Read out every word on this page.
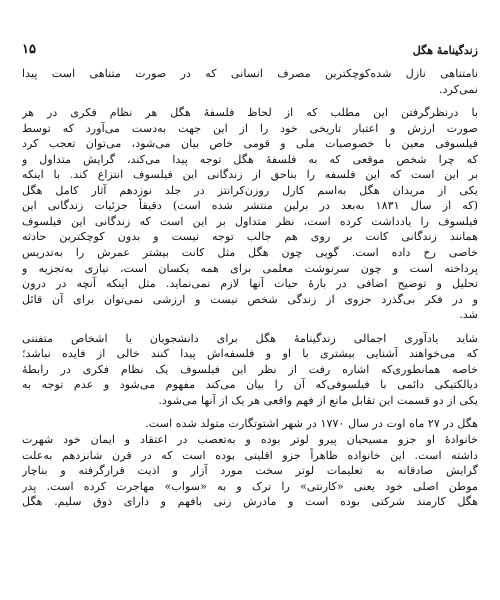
زندگینامهٔ هگل
۱۵
نامتناهی نازل شده‌کوچکترین مصرف انسانی که در صورت متناهی است پیدا
نمی‌کرد.
با درنظرگرفتن این مطلب که از لحاظ فلسفهٔ هگل هر نظام فکری در هر
صورت ارزش و اعتبار تاریخی خود را از این جهت به‌دست می‌آورد که توسط
فیلسوفی معین با خصوصیات ملی و قومی خاص بیان می‌شود، می‌توان تعجب کرد
که چرا شخص موقعی که به فلسفهٔ هگل توجه پیدا می‌کند، گرایش متداول و
بر این است که این فلسفه را بناحق از زندگانی این فیلسوف انتزاع کند. با اینکه
یکی از مریدان هگل به‌اسم کارل روزن‌کرانتز در جلد نوزدهم آثار کامل هگل
(که از سال ۱۸۳۱ به‌بعد در برلین منتشر شده است) دقیقاً جزئیات زندگانی این
فیلسوف را یادداشت کرده است، نظر متداول بر این است که زندگانی این فیلسوف
همانند زندگانی کانت بر روی هم جالب توجه نیست و بدون کوچکترین حادثه
خاصی رخ داده است. گویی چون هگل مثل کانت بیشتر عمرش را به‌تدریس
پرداخته است و چون سرنوشت معلمی برای همه یکسان است، نیازی به‌تجزیه و
تحلیل و توضیح اضافی در بارهٔ حیات آنها لازم نمی‌نماید. مثل اینکه آنچه در درون
و در فکر بی‌گذرد جزوی از زندگی شخص نیست و ارزشی نمی‌توان برای آن قائل
شد.
شاید یادآوری اجمالی زندگینامهٔ هگل برای دانشجویان یا اشخاص متفننی
که می‌خواهند آشنایی بیشتری با او و فلسفه‌اش پیدا کنند خالی از فایده نباشد؛
خاصه همانطوری‌که اشاره رفت از نظر این فیلسوف یک نظام فکری در رابطهٔ
دیالکتیکی دائمی با فیلسوفی‌که آن را بیان می‌کند مفهوم می‌شود و عدم توجه به
یکی از دو قسمت این تقابل مانع از فهم واقعی هر یک از آنها می‌شود.
هگل در ۲۷ ماه اوت در سال ۱۷۷۰ در شهر اشتوتگارت متولد شده است.
خانوادهٔ او جزو مسیحیان پیرو لوتر بوده و به‌تعصب در اعتقاد و ایمان خود شهرت
داشته است. این خانواده ظاهراً جزو اقلیتی بوده است که در قرن شانزدهم به‌علت
گرایش صادقانه به تعلیمات لوتر سخت مورد آزار و اذیت قرارگرفته و بناچار
موطن اصلی خود یعنی «کارنتی» را ترک و به «سواب» مهاجرت کرده است. پدر
هگل کارمند شرکتی بوده است و مادرش زنی بافهم و دارای ذوق سلیم. هگل
